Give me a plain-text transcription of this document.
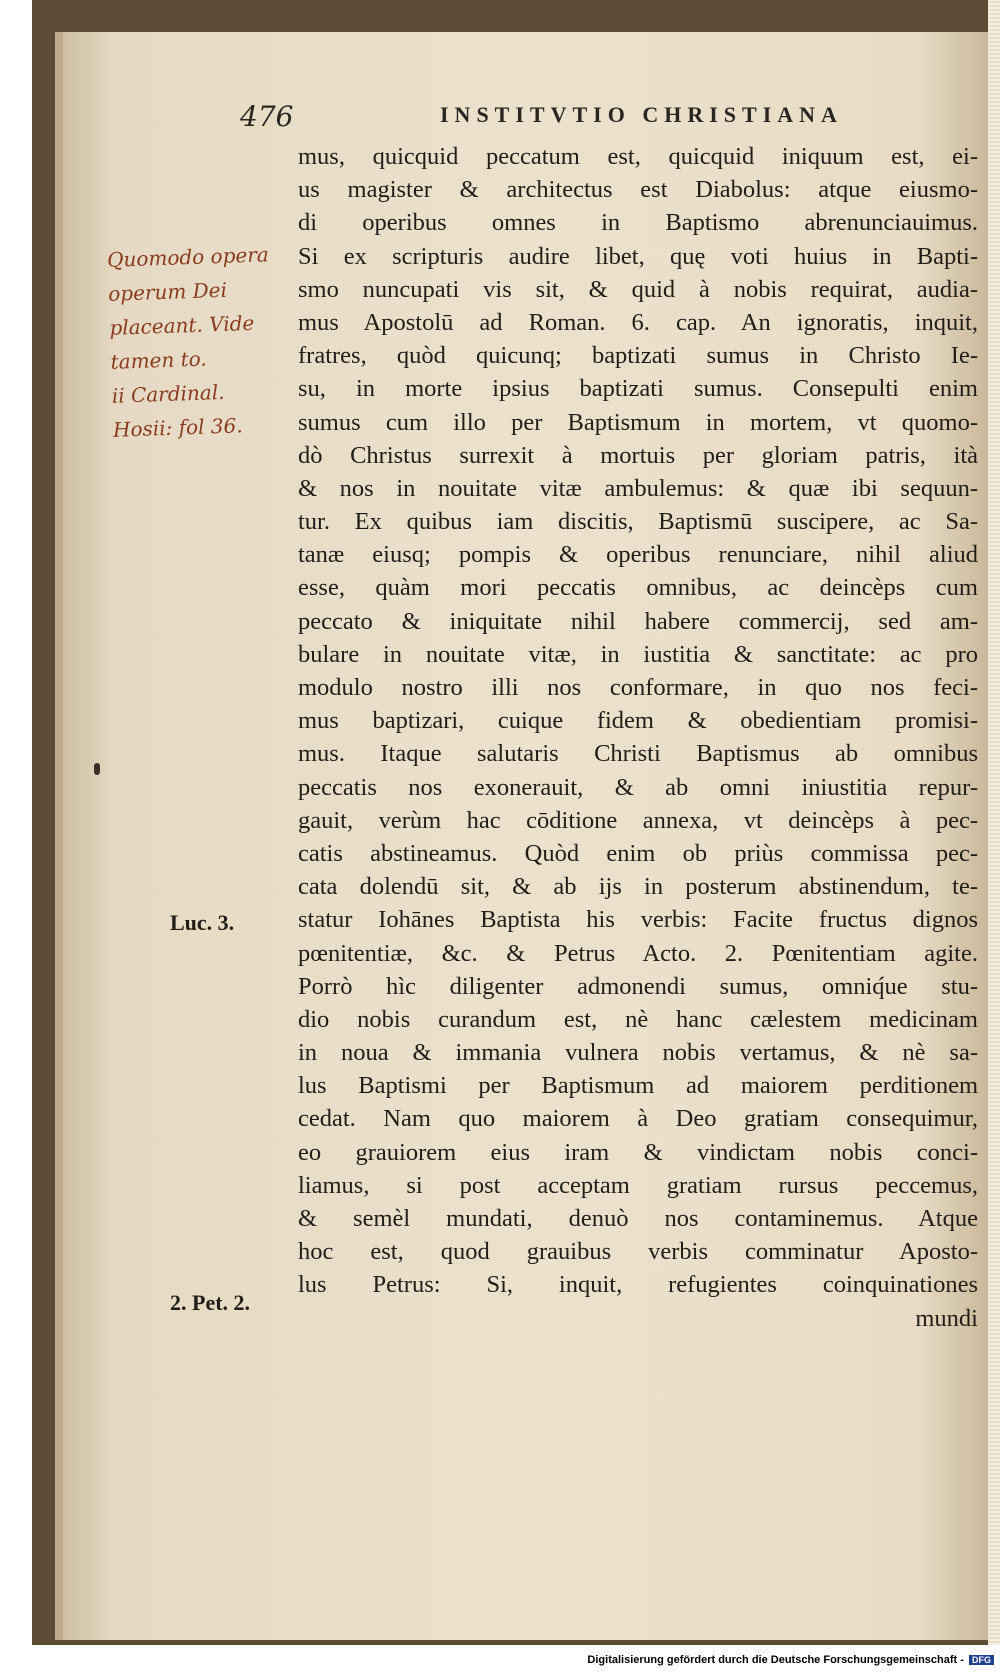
476	INSTITVTIO CHRISTIANA
Quomodo opera
operum Dei
placeant. Vide
tamen to.
ii Cardinal.
Hosii: fol 36.
Luc. 3.
2. Pet. 2.
mus, quicquid peccatum est, quicquid iniquum est, ei-
us magister & architectus est Diabolus: atque eiusmo-
di operibus omnes in Baptismo abrenunciauimus.
Si ex scripturis audire libet, quę voti huius in Bapti-
smo nuncupati vis sit, & quid à nobis requirat, audia-
mus Apostolū ad Roman. 6. cap. An ignoratis, inquit,
fratres, quòd quicunq; baptizati sumus in Christo Ie-
su, in morte ipsius baptizati sumus. Consepulti enim
sumus cum illo per Baptismum in mortem, vt quomo-
dò Christus surrexit à mortuis per gloriam patris, ità
& nos in nouitate vitæ ambulemus: & quæ ibi sequun-
tur. Ex quibus iam discitis, Baptismū suscipere, ac Sa-
tanæ eiusq; pompis & operibus renunciare, nihil aliud
esse, quàm mori peccatis omnibus, ac deincèps cum
peccato & iniquitate nihil habere commercij, sed am-
bulare in nouitate vitæ, in iustitia & sanctitate: ac pro
modulo nostro illi nos conformare, in quo nos feci-
mus baptizari, cuique fidem & obedientiam promisi-
mus. Itaque salutaris Christi Baptismus ab omnibus
peccatis nos exonerauit, & ab omni iniustitia repur-
gauit, verùm hac cōditione annexa, vt deincèps à pec-
catis abstineamus. Quòd enim ob priùs commissa pec-
cata dolendū sit, & ab ijs in posterum abstinendum, te-
statur Iohānes Baptista his verbis: Facite fructus dignos
pœnitentiæ, &c. & Petrus Acto. 2. Pœnitentiam agite.
Porrò hìc diligenter admonendi sumus, omniq́ue stu-
dio nobis curandum est, nè hanc cælestem medicinam
in noua & immania vulnera nobis vertamus, & nè sa-
lus Baptismi per Baptismum ad maiorem perditionem
cedat. Nam quo maiorem à Deo gratiam consequimur,
eo grauiorem eius iram & vindictam nobis conci-
liamus, si post acceptam gratiam rursus peccemus,
& semèl mundati, denuò nos contaminemus. Atque
hoc est, quod grauibus verbis comminatur Aposto-
lus Petrus: Si, inquit, refugientes coinquinationes
mundi
Digitalisierung gefördert durch die Deutsche Forschungsgemeinschaft - DFG
